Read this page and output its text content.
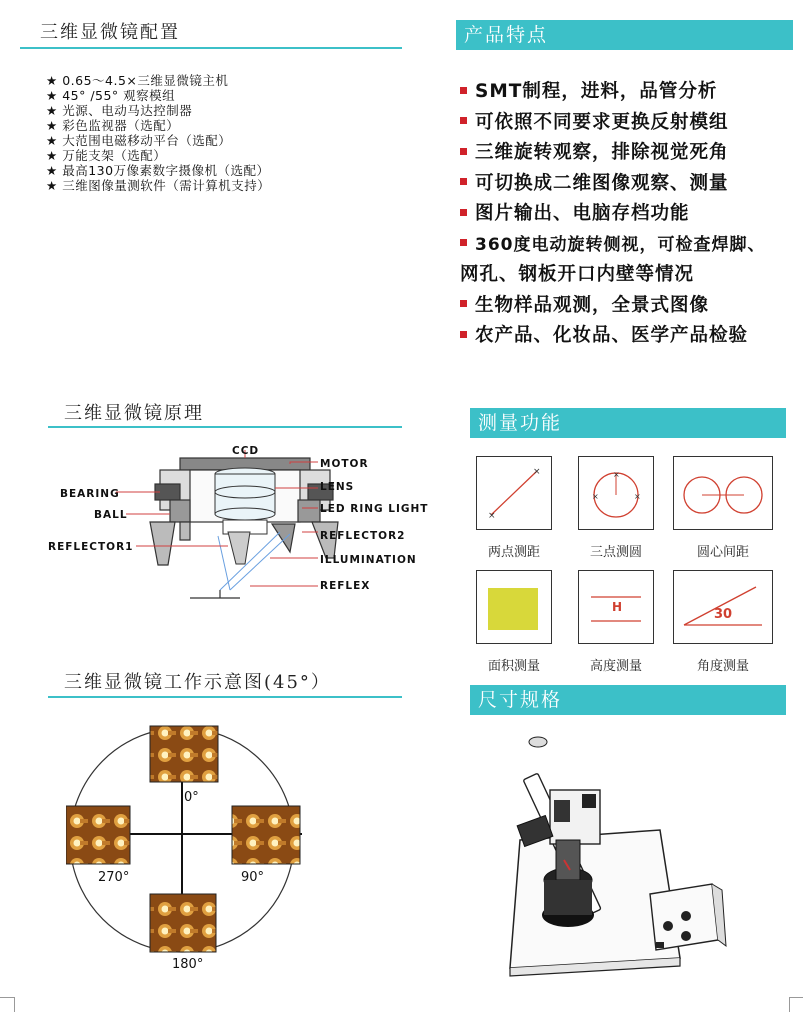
三维显微镜配置
★ 0.65～4.5×三维显微镜主机
★ 45° /55° 观察模组
★ 光源、电动马达控制器
★ 彩色监视器（选配）
★ 大范围电磁移动平台（选配）
★ 万能支架（选配）
★ 最高130万像素数字摄像机（选配）
★ 三维图像量测软件（需计算机支持）
产品特点
SMT制程，进料，品管分析
可依照不同要求更换反射模组
三维旋转观察，排除视觉死角
可切换成二维图像观察、测量
图片输出、电脑存档功能
360度电动旋转侧视，可检查焊脚、
网孔、钢板开口内壁等情况
生物样品观测，全景式图像
农产品、化妆品、医学产品检验
三维显微镜原理
CCD
MOTOR
LENS
BEARING
BALL	LED RING LIGHT
REFLECTOR2
REFLECTOR1
ILLUMINATION
REFLEX
测量功能
×
×
两点测距
×
×	×
三点测圆	圆心间距
面积测量
H
高度测量
30
角度测量
三维显微镜工作示意图(45°）
0°
90°
270°
180°
尺寸规格
